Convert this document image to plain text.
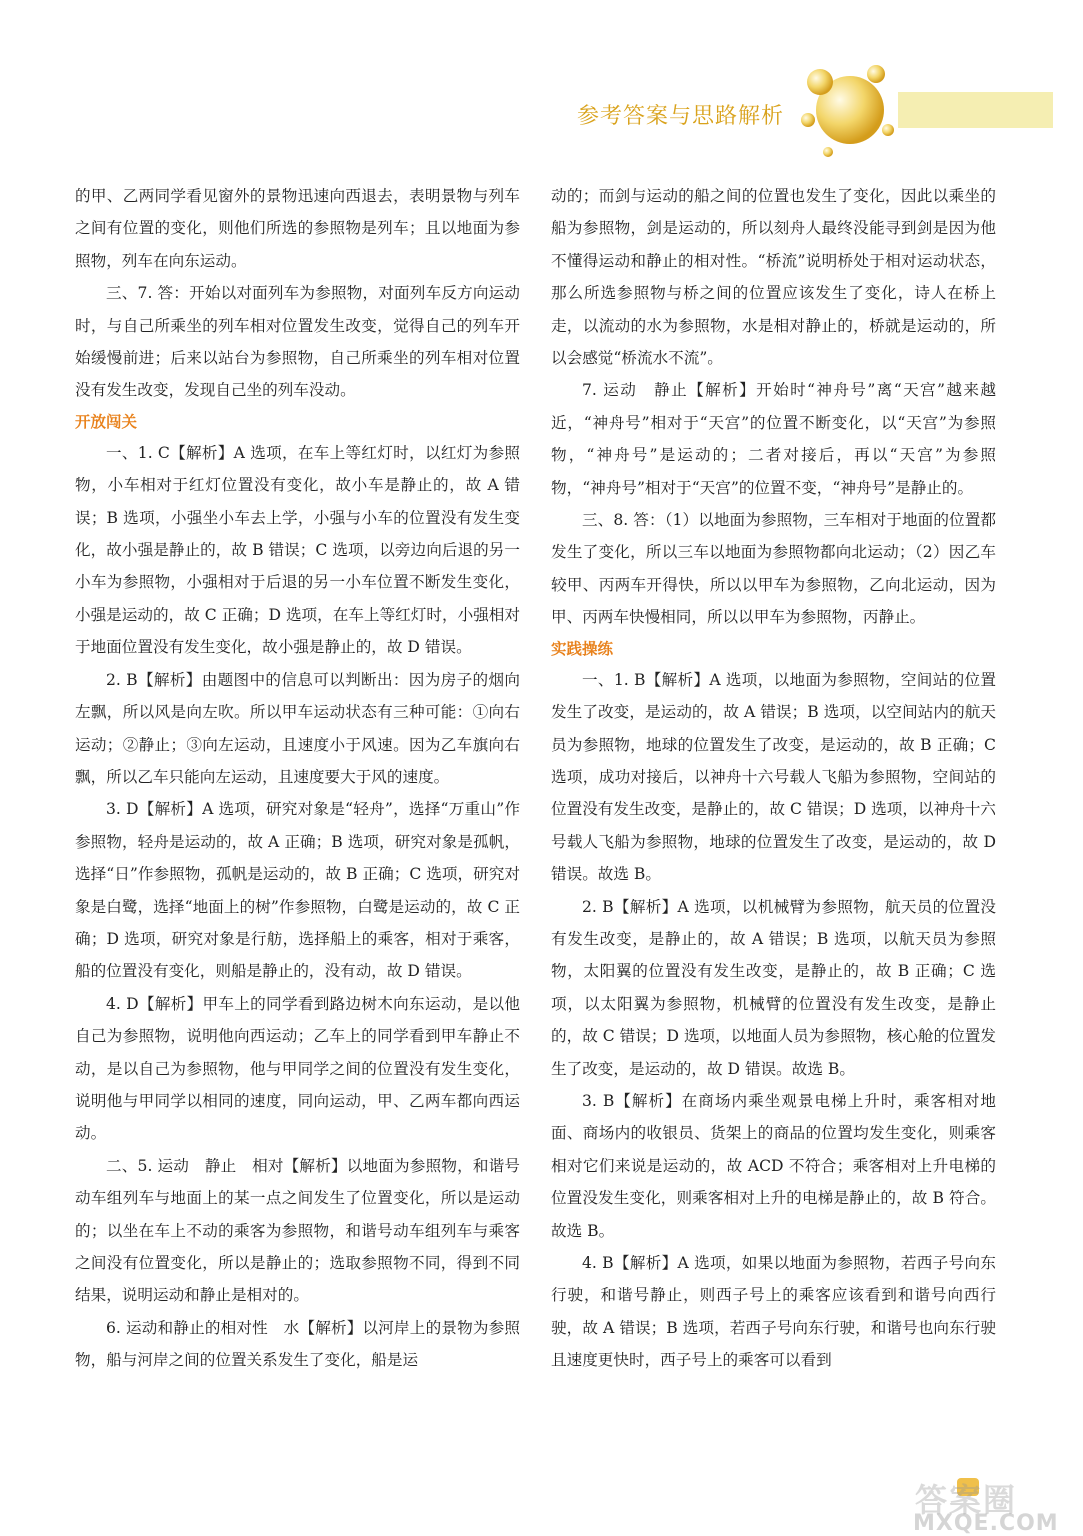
参考答案与思路解析

的甲、乙两同学看见窗外的景物迅速向西退去，表明景物与列车之间有位置的变化，则他们所选的参照物是列车；且以地面为参照物，列车在向东运动。

三、7. 答：开始以对面列车为参照物，对面列车反方向运动时，与自己所乘坐的列车相对位置发生改变，觉得自己的列车开始缓慢前进；后来以站台为参照物，自己所乘坐的列车相对位置没有发生改变，发现自己坐的列车没动。

开放闯关

一、1. C【解析】A 选项，在车上等红灯时，以红灯为参照物，小车相对于红灯位置没有变化，故小车是静止的，故 A 错误；B 选项，小强坐小车去上学，小强与小车的位置没有发生变化，故小强是静止的，故 B 错误；C 选项，以旁边向后退的另一小车为参照物，小强相对于后退的另一小车位置不断发生变化，小强是运动的，故 C 正确；D 选项，在车上等红灯时，小强相对于地面位置没有发生变化，故小强是静止的，故 D 错误。

2. B【解析】由题图中的信息可以判断出：因为房子的烟向左飘，所以风是向左吹。所以甲车运动状态有三种可能：①向右运动；②静止；③向左运动，且速度小于风速。因为乙车旗向右飘，所以乙车只能向左运动，且速度要大于风的速度。

3. D【解析】A 选项，研究对象是“轻舟”，选择“万重山”作参照物，轻舟是运动的，故 A 正确；B 选项，研究对象是孤帆，选择“日”作参照物，孤帆是运动的，故 B 正确；C 选项，研究对象是白鹭，选择“地面上的树”作参照物，白鹭是运动的，故 C 正确；D 选项，研究对象是行舫，选择船上的乘客，相对于乘客，船的位置没有变化，则船是静止的，没有动，故 D 错误。

4. D【解析】甲车上的同学看到路边树木向东运动，是以他自己为参照物，说明他向西运动；乙车上的同学看到甲车静止不动，是以自己为参照物，他与甲同学之间的位置没有发生变化，说明他与甲同学以相同的速度，同向运动，甲、乙两车都向西运动。

二、5. 运动　静止　相对【解析】以地面为参照物，和谐号动车组列车与地面上的某一点之间发生了位置变化，所以是运动的；以坐在车上不动的乘客为参照物，和谐号动车组列车与乘客之间没有位置变化，所以是静止的；选取参照物不同，得到不同结果，说明运动和静止是相对的。

6. 运动和静止的相对性　水【解析】以河岸上的景物为参照物，船与河岸之间的位置关系发生了变化，船是运

动的；而剑与运动的船之间的位置也发生了变化，因此以乘坐的船为参照物，剑是运动的，所以刻舟人最终没能寻到剑是因为他不懂得运动和静止的相对性。“桥流”说明桥处于相对运动状态，那么所选参照物与桥之间的位置应该发生了变化，诗人在桥上走，以流动的水为参照物，水是相对静止的，桥就是运动的，所以会感觉“桥流水不流”。

7. 运动　静止【解析】开始时“神舟号”离“天宫”越来越近，“神舟号”相对于“天宫”的位置不断变化，以“天宫”为参照物，“神舟号”是运动的；二者对接后，再以“天宫”为参照物，“神舟号”相对于“天宫”的位置不变，“神舟号”是静止的。

三、8. 答：（1）以地面为参照物，三车相对于地面的位置都发生了变化，所以三车以地面为参照物都向北运动；（2）因乙车较甲、丙两车开得快，所以以甲车为参照物，乙向北运动，因为甲、丙两车快慢相同，所以以甲车为参照物，丙静止。

实践操练

一、1. B【解析】A 选项，以地面为参照物，空间站的位置发生了改变，是运动的，故 A 错误；B 选项，以空间站内的航天员为参照物，地球的位置发生了改变，是运动的，故 B 正确；C 选项，成功对接后，以神舟十六号载人飞船为参照物，空间站的位置没有发生改变，是静止的，故 C 错误；D 选项，以神舟十六号载人飞船为参照物，地球的位置发生了改变，是运动的，故 D 错误。故选 B。

2. B【解析】A 选项，以机械臂为参照物，航天员的位置没有发生改变，是静止的，故 A 错误；B 选项，以航天员为参照物，太阳翼的位置没有发生改变，是静止的，故 B 正确；C 选项，以太阳翼为参照物，机械臂的位置没有发生改变，是静止的，故 C 错误；D 选项，以地面人员为参照物，核心舱的位置发生了改变，是运动的，故 D 错误。故选 B。

3. B【解析】在商场内乘坐观景电梯上升时，乘客相对地面、商场内的收银员、货架上的商品的位置均发生变化，则乘客相对它们来说是运动的，故 ACD 不符合；乘客相对上升电梯的位置没发生变化，则乘客相对上升的电梯是静止的，故 B 符合。故选 B。

4. B【解析】A 选项，如果以地面为参照物，若西子号向东行驶，和谐号静止，则西子号上的乘客应该看到和谐号向西行驶，故 A 错误；B 选项，若西子号向东行驶，和谐号也向东行驶且速度更快时，西子号上的乘客可以看到

答案圈
MXQE.COM
